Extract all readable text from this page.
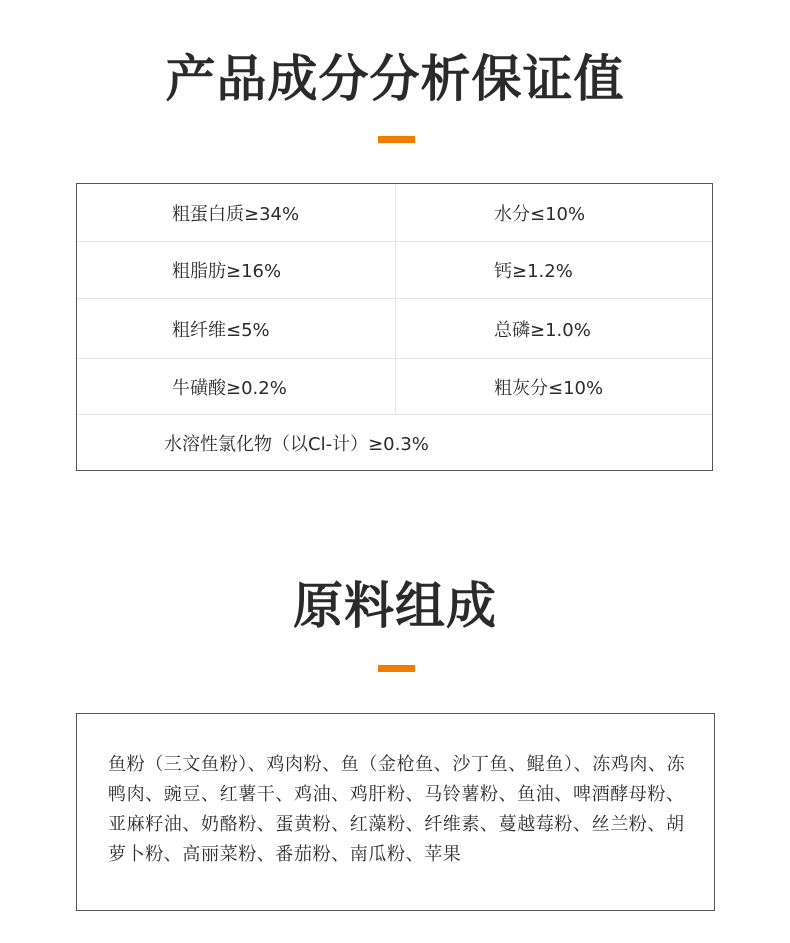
产品成分分析保证值
粗蛋白质≥34%	水分≤10%
粗脂肪≥16%	钙≥1.2%
粗纤维≤5%	总磷≥1.0%
牛磺酸≥0.2%	粗灰分≤10%
水溶性氯化物（以Cl-计）≥0.3%
原料组成
鱼粉（三文鱼粉）、鸡肉粉、鱼（金枪鱼、沙丁鱼、鲲鱼）、冻鸡肉、冻鸭肉、豌豆、红薯干、鸡油、鸡肝粉、马铃薯粉、鱼油、啤酒酵母粉、亚麻籽油、奶酪粉、蛋黄粉、红藻粉、纤维素、蔓越莓粉、丝兰粉、胡萝卜粉、高丽菜粉、番茄粉、南瓜粉、苹果
